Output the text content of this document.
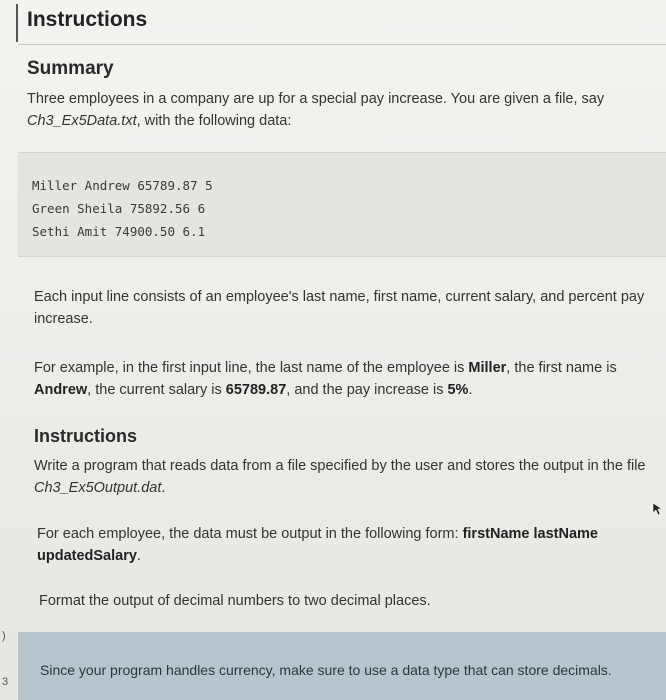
Instructions
Summary
Three employees in a company are up for a special pay increase. You are given a file, say Ch3_Ex5Data.txt, with the following data:
Miller Andrew 65789.87 5
Green Sheila 75892.56 6
Sethi Amit 74900.50 6.1
Each input line consists of an employee's last name, first name, current salary, and percent pay increase.
For example, in the first input line, the last name of the employee is Miller, the first name is Andrew, the current salary is 65789.87, and the pay increase is 5%.
Instructions
Write a program that reads data from a file specified by the user and stores the output in the file Ch3_Ex5Output.dat.
For each employee, the data must be output in the following form: firstName lastName updatedSalary.
Format the output of decimal numbers to two decimal places.
Since your program handles currency, make sure to use a data type that can store decimals.
)
3
